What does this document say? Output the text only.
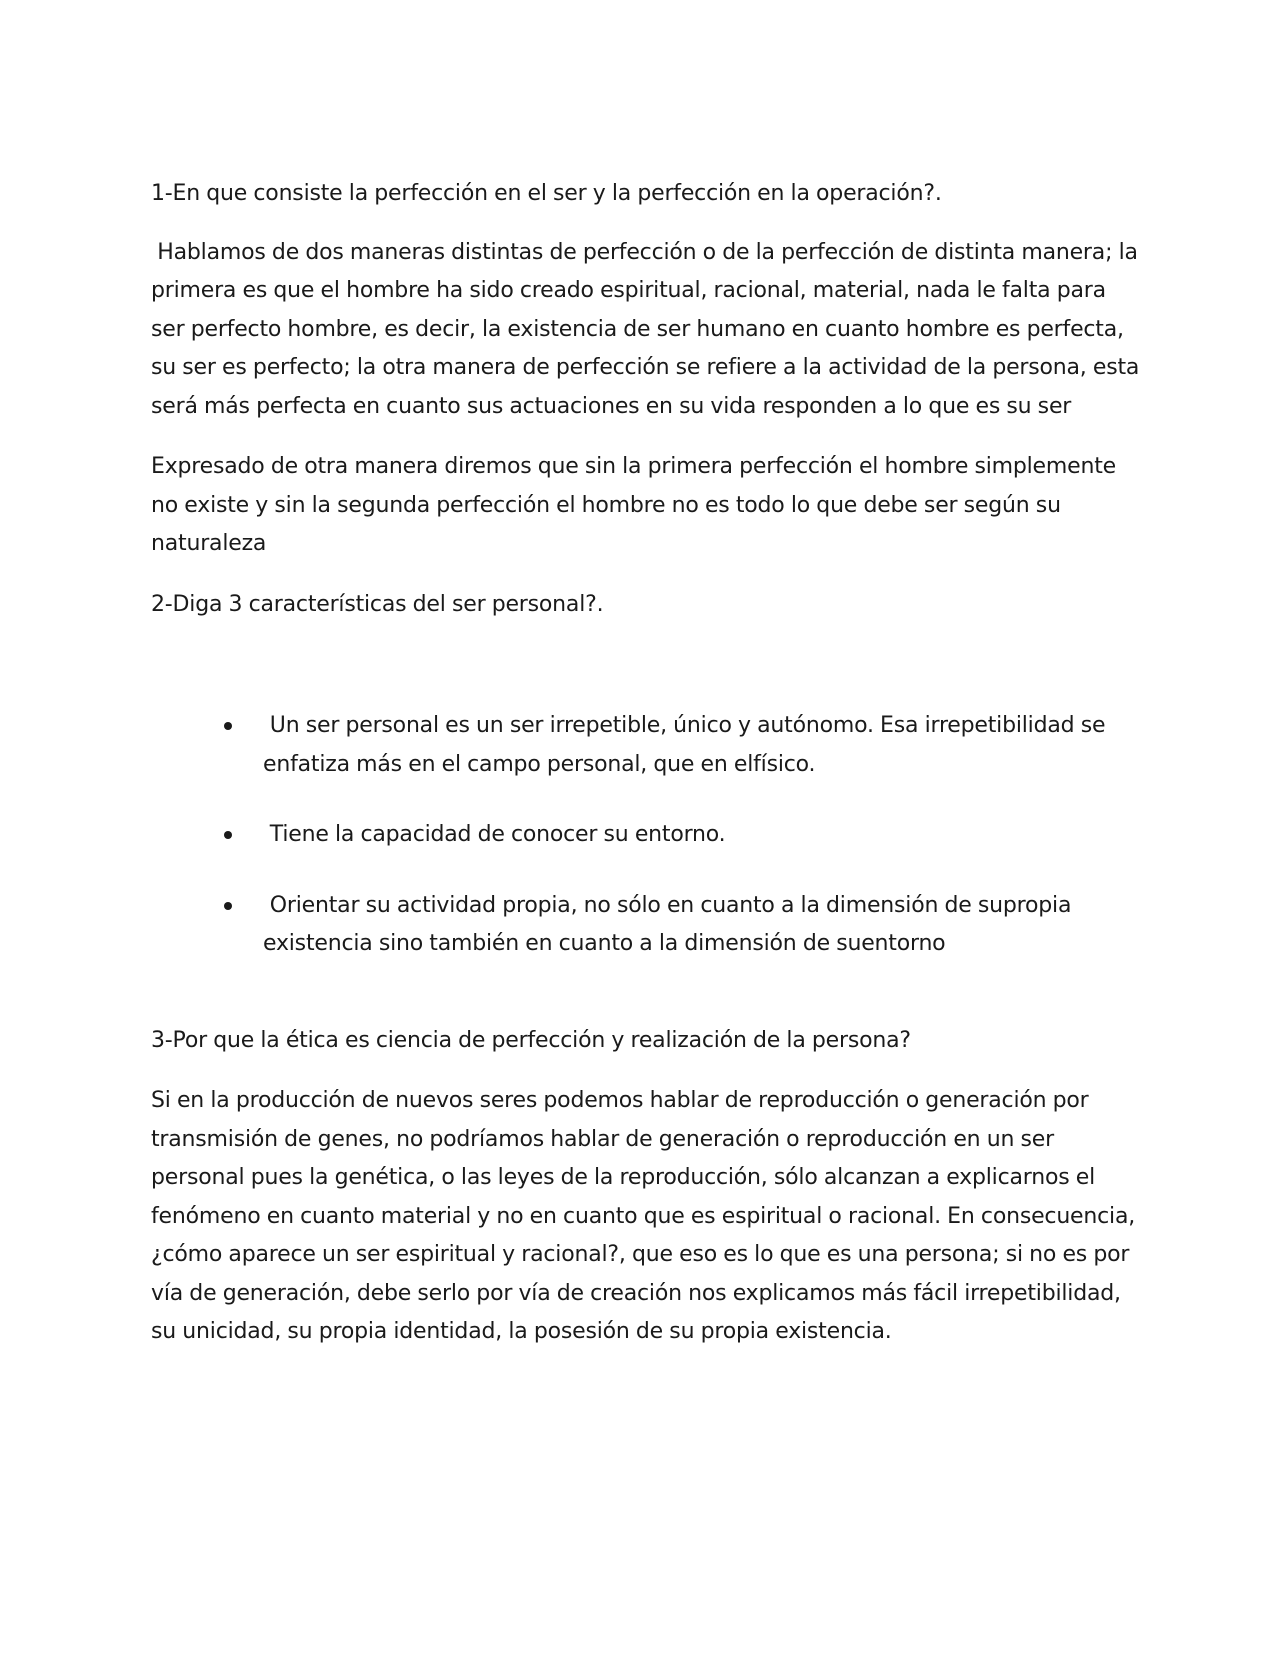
1-En que consiste la perfección en el ser y la perfección en la operación?.

Hablamos de dos maneras distintas de perfección o de la perfección de distinta manera; la primera es que el hombre ha sido creado espiritual, racional, material, nada le falta para ser perfecto hombre, es decir, la existencia de ser humano en cuanto hombre es perfecta, su ser es perfecto; la otra manera de perfección se refiere a la actividad de la persona, esta será más perfecta en cuanto sus actuaciones en su vida responden a lo que es su ser

Expresado de otra manera diremos que sin la primera perfección el hombre simplemente no existe y sin la segunda perfección el hombre no es todo lo que debe ser según su naturaleza

2-Diga 3 características del ser personal?.

Un ser personal es un ser irrepetible, único y autónomo. Esa irrepetibilidad se enfatiza más en el campo personal, que en elfísico.
Tiene la capacidad de conocer su entorno.
Orientar su actividad propia, no sólo en cuanto a la dimensión de supropia existencia sino también en cuanto a la dimensión de suentorno

3-Por que la ética es ciencia de perfección y realización de la persona?

Si en la producción de nuevos seres podemos hablar de reproducción o generación por transmisión de genes, no podríamos hablar de generación o reproducción en un ser personal pues la genética, o las leyes de la reproducción, sólo alcanzan a explicarnos el fenómeno en cuanto material y no en cuanto que es espiritual o racional. En consecuencia, ¿cómo aparece un ser espiritual y racional?, que eso es lo que es una persona; si no es por vía de generación, debe serlo por vía de creación nos explicamos más fácil irrepetibilidad, su unicidad, su propia identidad, la posesión de su propia existencia.
